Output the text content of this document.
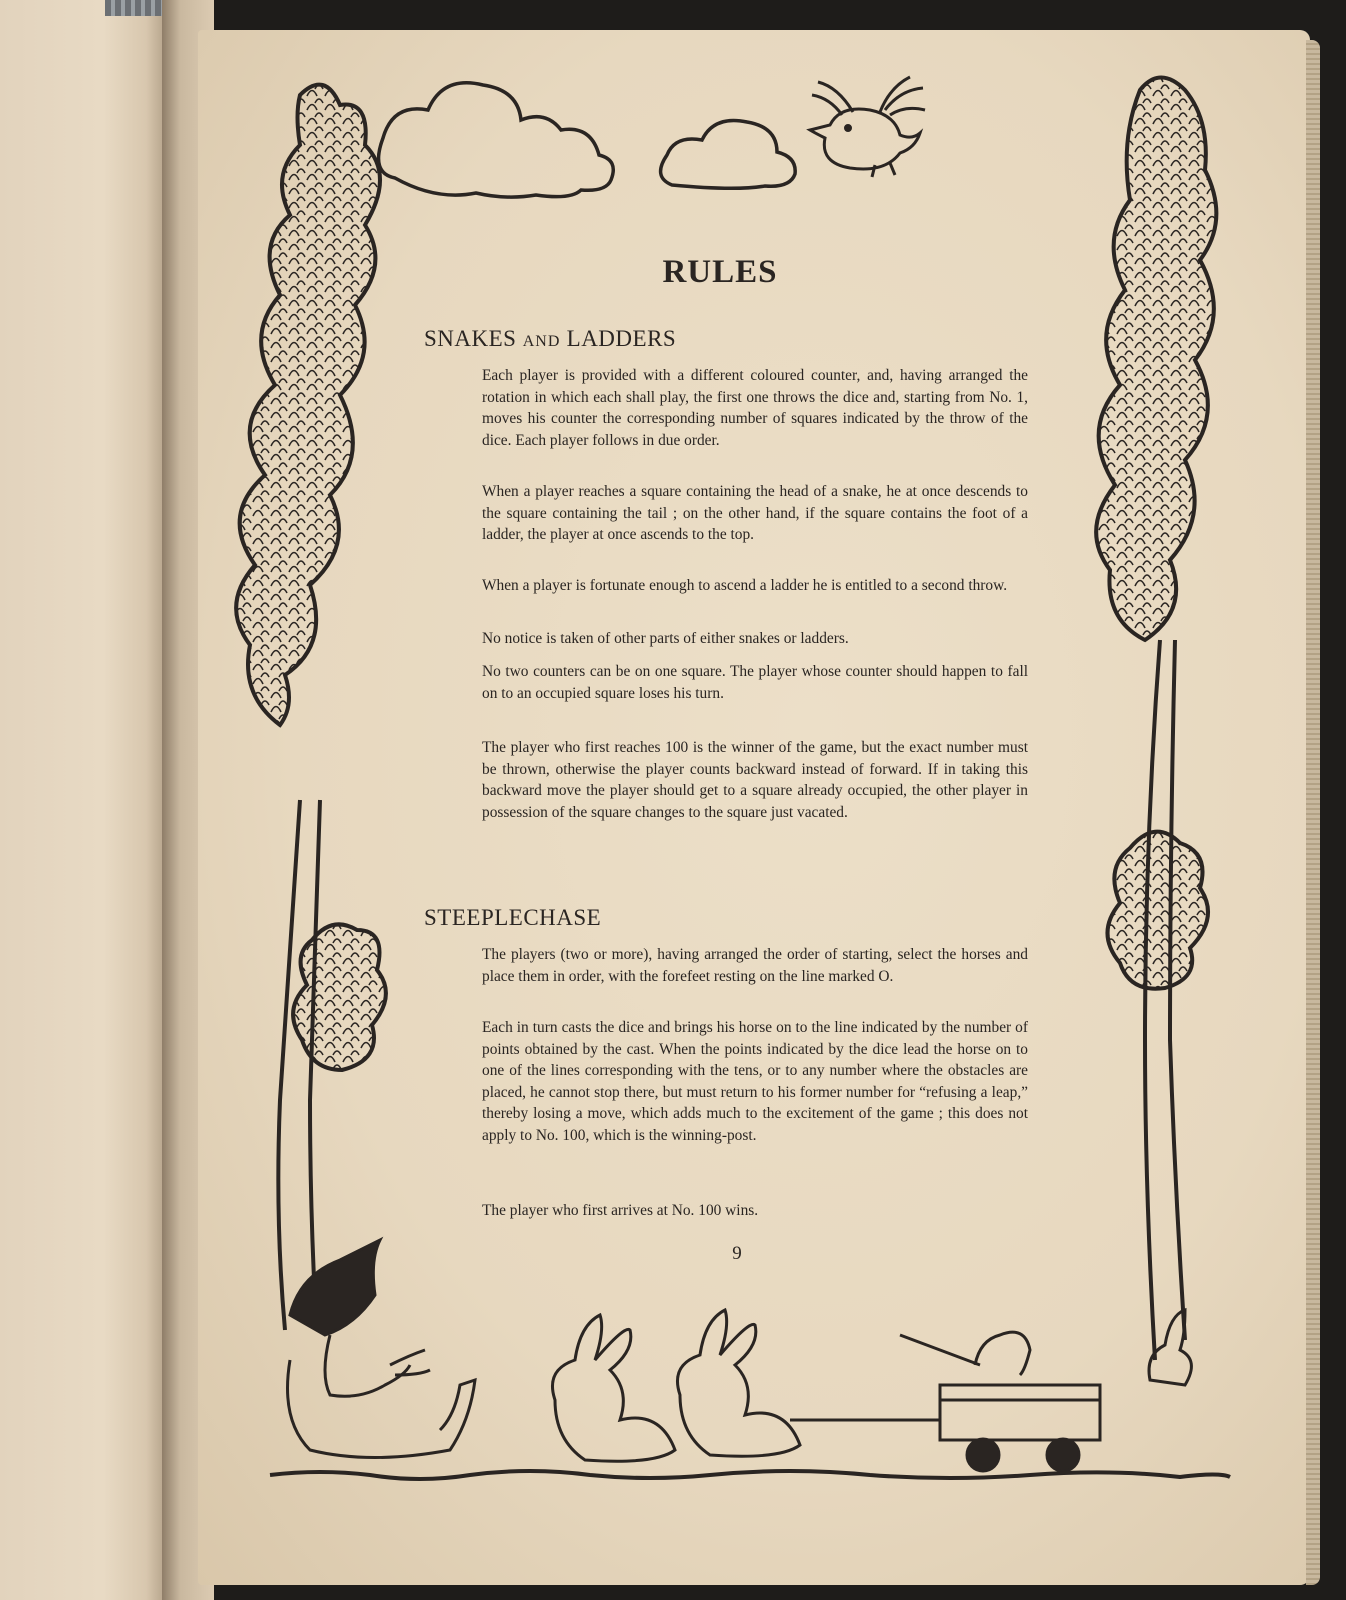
RULES
SNAKES AND LADDERS

Each player is provided with a different coloured counter, and, having arranged the rotation in which each shall play, the first one throws the dice and, starting from No. 1, moves his counter the corresponding number of squares indicated by the throw of the dice. Each player follows in due order.

When a player reaches a square containing the head of a snake, he at once descends to the square containing the tail ; on the other hand, if the square contains the foot of a ladder, the player at once ascends to the top.

When a player is fortunate enough to ascend a ladder he is entitled to a second throw.

No notice is taken of other parts of either snakes or ladders.

No two counters can be on one square. The player whose counter should happen to fall on to an occupied square loses his turn.

The player who first reaches 100 is the winner of the game, but the exact number must be thrown, otherwise the player counts backward instead of forward. If in taking this backward move the player should get to a square already occupied, the other player in possession of the square changes to the square just vacated.

STEEPLECHASE

The players (two or more), having arranged the order of starting, select the horses and place them in order, with the forefeet resting on the line marked O.

Each in turn casts the dice and brings his horse on to the line indicated by the number of points obtained by the cast. When the points indicated by the dice lead the horse on to one of the lines corresponding with the tens, or to any number where the obstacles are placed, he cannot stop there, but must return to his former number for “refusing a leap,” thereby losing a move, which adds much to the excitement of the game ; this does not apply to No. 100, which is the winning-post.

The player who first arrives at No. 100 wins.

9
